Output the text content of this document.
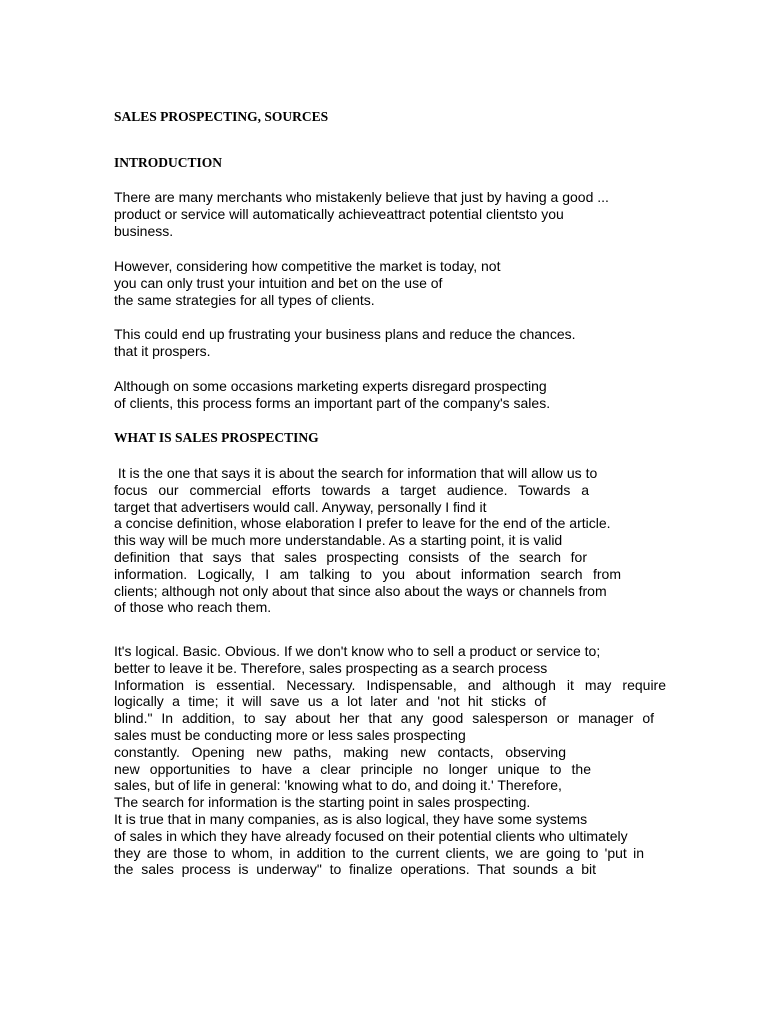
SALES PROSPECTING, SOURCES
INTRODUCTION
There are many merchants who mistakenly believe that just by having a good ...
product or service will automatically achieveattract potential clientsto you
business.
However, considering how competitive the market is today, not
you can only trust your intuition and bet on the use of
the same strategies for all types of clients.
This could end up frustrating your business plans and reduce the chances.
that it prospers.
Although on some occasions marketing experts disregard prospecting
of clients, this process forms an important part of the company's sales.
WHAT IS SALES PROSPECTING
It is the one that says it is about the search for information that will allow us to
focus our commercial efforts towards a target audience. Towards a
target that advertisers would call. Anyway, personally I find it
a concise definition, whose elaboration I prefer to leave for the end of the article.
this way will be much more understandable. As a starting point, it is valid
definition that says that sales prospecting consists of the search for
information. Logically, I am talking to you about information search from
clients; although not only about that since also about the ways or channels from
of those who reach them.
It's logical. Basic. Obvious. If we don't know who to sell a product or service to;
better to leave it be. Therefore, sales prospecting as a search process
Information is essential. Necessary. Indispensable, and although it may require
logically a time; it will save us a lot later and 'not hit sticks of
blind." In addition, to say about her that any good salesperson or manager of
sales must be conducting more or less sales prospecting
constantly. Opening new paths, making new contacts, observing
new opportunities to have a clear principle no longer unique to the
sales, but of life in general: 'knowing what to do, and doing it.' Therefore,
The search for information is the starting point in sales prospecting.
It is true that in many companies, as is also logical, they have some systems
of sales in which they have already focused on their potential clients who ultimately
they are those to whom, in addition to the current clients, we are going to 'put in
the sales process is underway" to finalize operations. That sounds a bit
